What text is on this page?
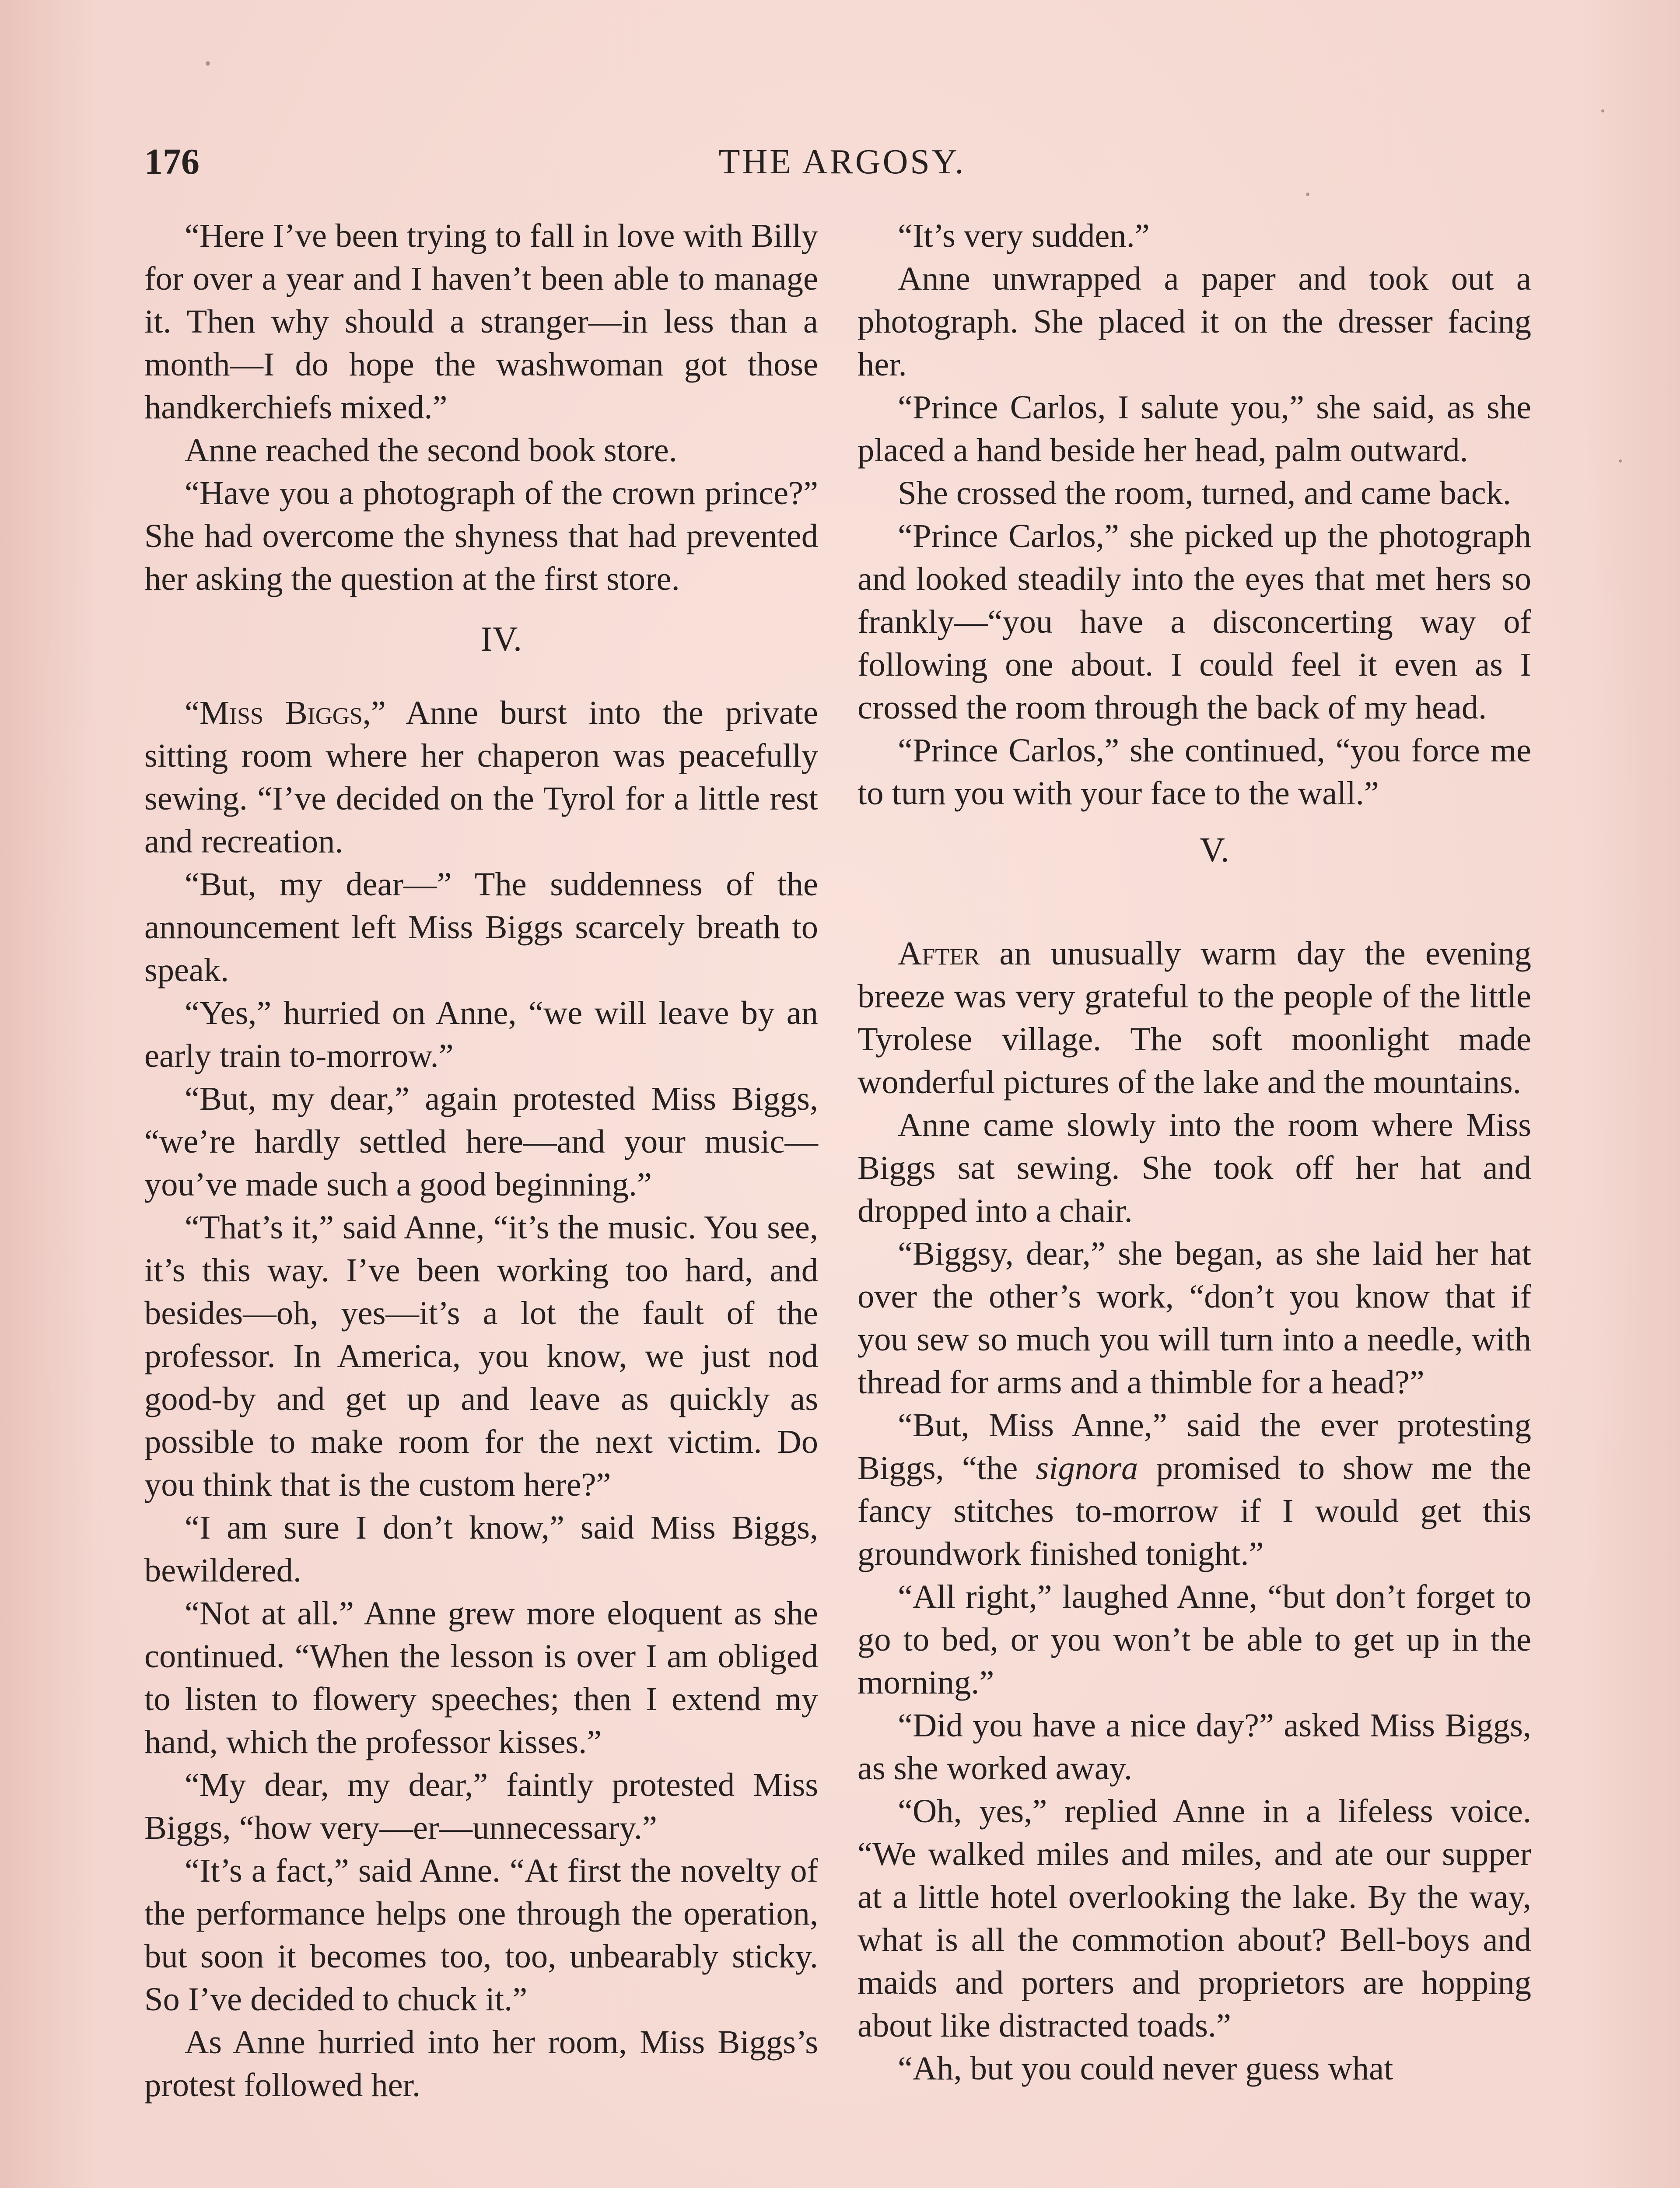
176	THE ARGOSY.

“Here I’ve been trying to fall in love with Billy for over a year and I haven’t been able to manage it. Then why should a stranger—in less than a month—I do hope the washwoman got those handkerchiefs mixed.”

Anne reached the second book store.

“Have you a photograph of the crown prince?” She had overcome the shyness that had prevented her asking the question at the first store.

IV.

“Miss Biggs,” Anne burst into the private sitting room where her chaperon was peacefully sewing. “I’ve decided on the Tyrol for a little rest and recreation.

“But, my dear—” The suddenness of the announcement left Miss Biggs scarcely breath to speak.

“Yes,” hurried on Anne, “we will leave by an early train to-morrow.”

“But, my dear,” again protested Miss Biggs, “we’re hardly settled here—and your music—you’ve made such a good beginning.”

“That’s it,” said Anne, “it’s the music. You see, it’s this way. I’ve been working too hard, and besides—oh, yes—it’s a lot the fault of the professor. In America, you know, we just nod good-by and get up and leave as quickly as possible to make room for the next victim. Do you think that is the custom here?”

“I am sure I don’t know,” said Miss Biggs, bewildered.

“Not at all.” Anne grew more eloquent as she continued. “When the lesson is over I am obliged to listen to flowery speeches; then I extend my hand, which the professor kisses.”

“My dear, my dear,” faintly protested Miss Biggs, “how very—er—unnecessary.”

“It’s a fact,” said Anne. “At first the novelty of the performance helps one through the operation, but soon it becomes too, too, unbearably sticky. So I’ve decided to chuck it.”

As Anne hurried into her room, Miss Biggs’s protest followed her.

“It’s very sudden.”

Anne unwrapped a paper and took out a photograph. She placed it on the dresser facing her.

“Prince Carlos, I salute you,” she said, as she placed a hand beside her head, palm outward.

She crossed the room, turned, and came back.

“Prince Carlos,” she picked up the photograph and looked steadily into the eyes that met hers so frankly—“you have a disconcerting way of following one about. I could feel it even as I crossed the room through the back of my head.

“Prince Carlos,” she continued, “you force me to turn you with your face to the wall.”

V.

After an unusually warm day the evening breeze was very grateful to the people of the little Tyrolese village. The soft moonlight made wonderful pictures of the lake and the mountains.

Anne came slowly into the room where Miss Biggs sat sewing. She took off her hat and dropped into a chair.

“Biggsy, dear,” she began, as she laid her hat over the other’s work, “don’t you know that if you sew so much you will turn into a needle, with thread for arms and a thimble for a head?”

“But, Miss Anne,” said the ever protesting Biggs, “the signora promised to show me the fancy stitches to-morrow if I would get this groundwork finished tonight.”

“All right,” laughed Anne, “but don’t forget to go to bed, or you won’t be able to get up in the morning.”

“Did you have a nice day?” asked Miss Biggs, as she worked away.

“Oh, yes,” replied Anne in a lifeless voice. “We walked miles and miles, and ate our supper at a little hotel overlooking the lake. By the way, what is all the commotion about? Bell-boys and maids and porters and proprietors are hopping about like distracted toads.”

“Ah, but you could never guess what
